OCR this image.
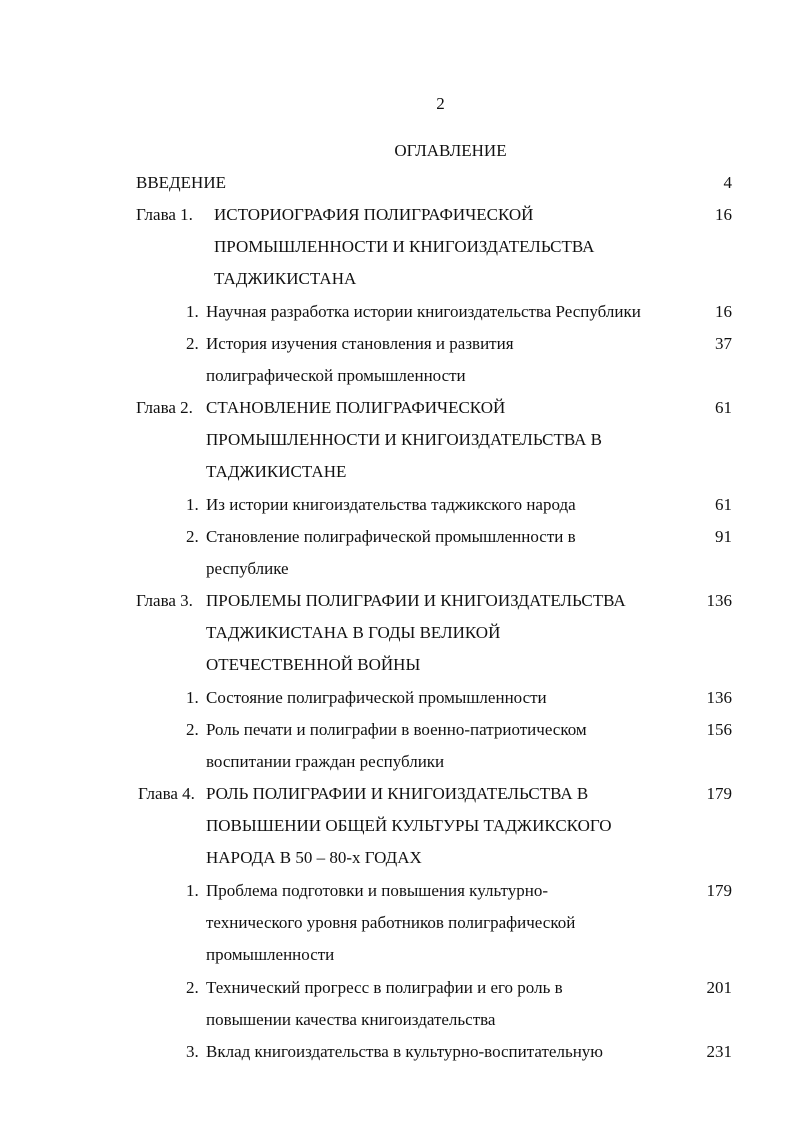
2
ОГЛАВЛЕНИЕ
ВВЕДЕНИЕ	4
Глава 1. ИСТОРИОГРАФИЯ ПОЛИГРАФИЧЕСКОЙ	16
ПРОМЫШЛЕННОСТИ И КНИГОИЗДАТЕЛЬСТВА
ТАДЖИКИСТАНА
1. Научная разработка истории книгоиздательства Республики	16
2. История изучения становления и развития	37
полиграфической промышленности
Глава 2. СТАНОВЛЕНИЕ ПОЛИГРАФИЧЕСКОЙ	61
ПРОМЫШЛЕННОСТИ И КНИГОИЗДАТЕЛЬСТВА В
ТАДЖИКИСТАНЕ
1. Из истории книгоиздательства таджикского народа	61
2. Становление полиграфической промышленности в	91
республике
Глава 3. ПРОБЛЕМЫ ПОЛИГРАФИИ И КНИГОИЗДАТЕЛЬСТВА	136
ТАДЖИКИСТАНА В ГОДЫ ВЕЛИКОЙ
ОТЕЧЕСТВЕННОЙ ВОЙНЫ
1. Состояние полиграфической промышленности	136
2. Роль печати и полиграфии в военно-патриотическом	156
воспитании граждан республики
Глава 4. РОЛЬ ПОЛИГРАФИИ И КНИГОИЗДАТЕЛЬСТВА В	179
ПОВЫШЕНИИ ОБЩЕЙ КУЛЬТУРЫ ТАДЖИКСКОГО
НАРОДА В 50 – 80-х ГОДАХ
1. Проблема подготовки и повышения культурно-	179
технического уровня работников полиграфической
промышленности
2. Технический прогресс в полиграфии и его роль в	201
повышении качества книгоиздательства
3. Вклад книгоиздательства в культурно-воспитательную	231
